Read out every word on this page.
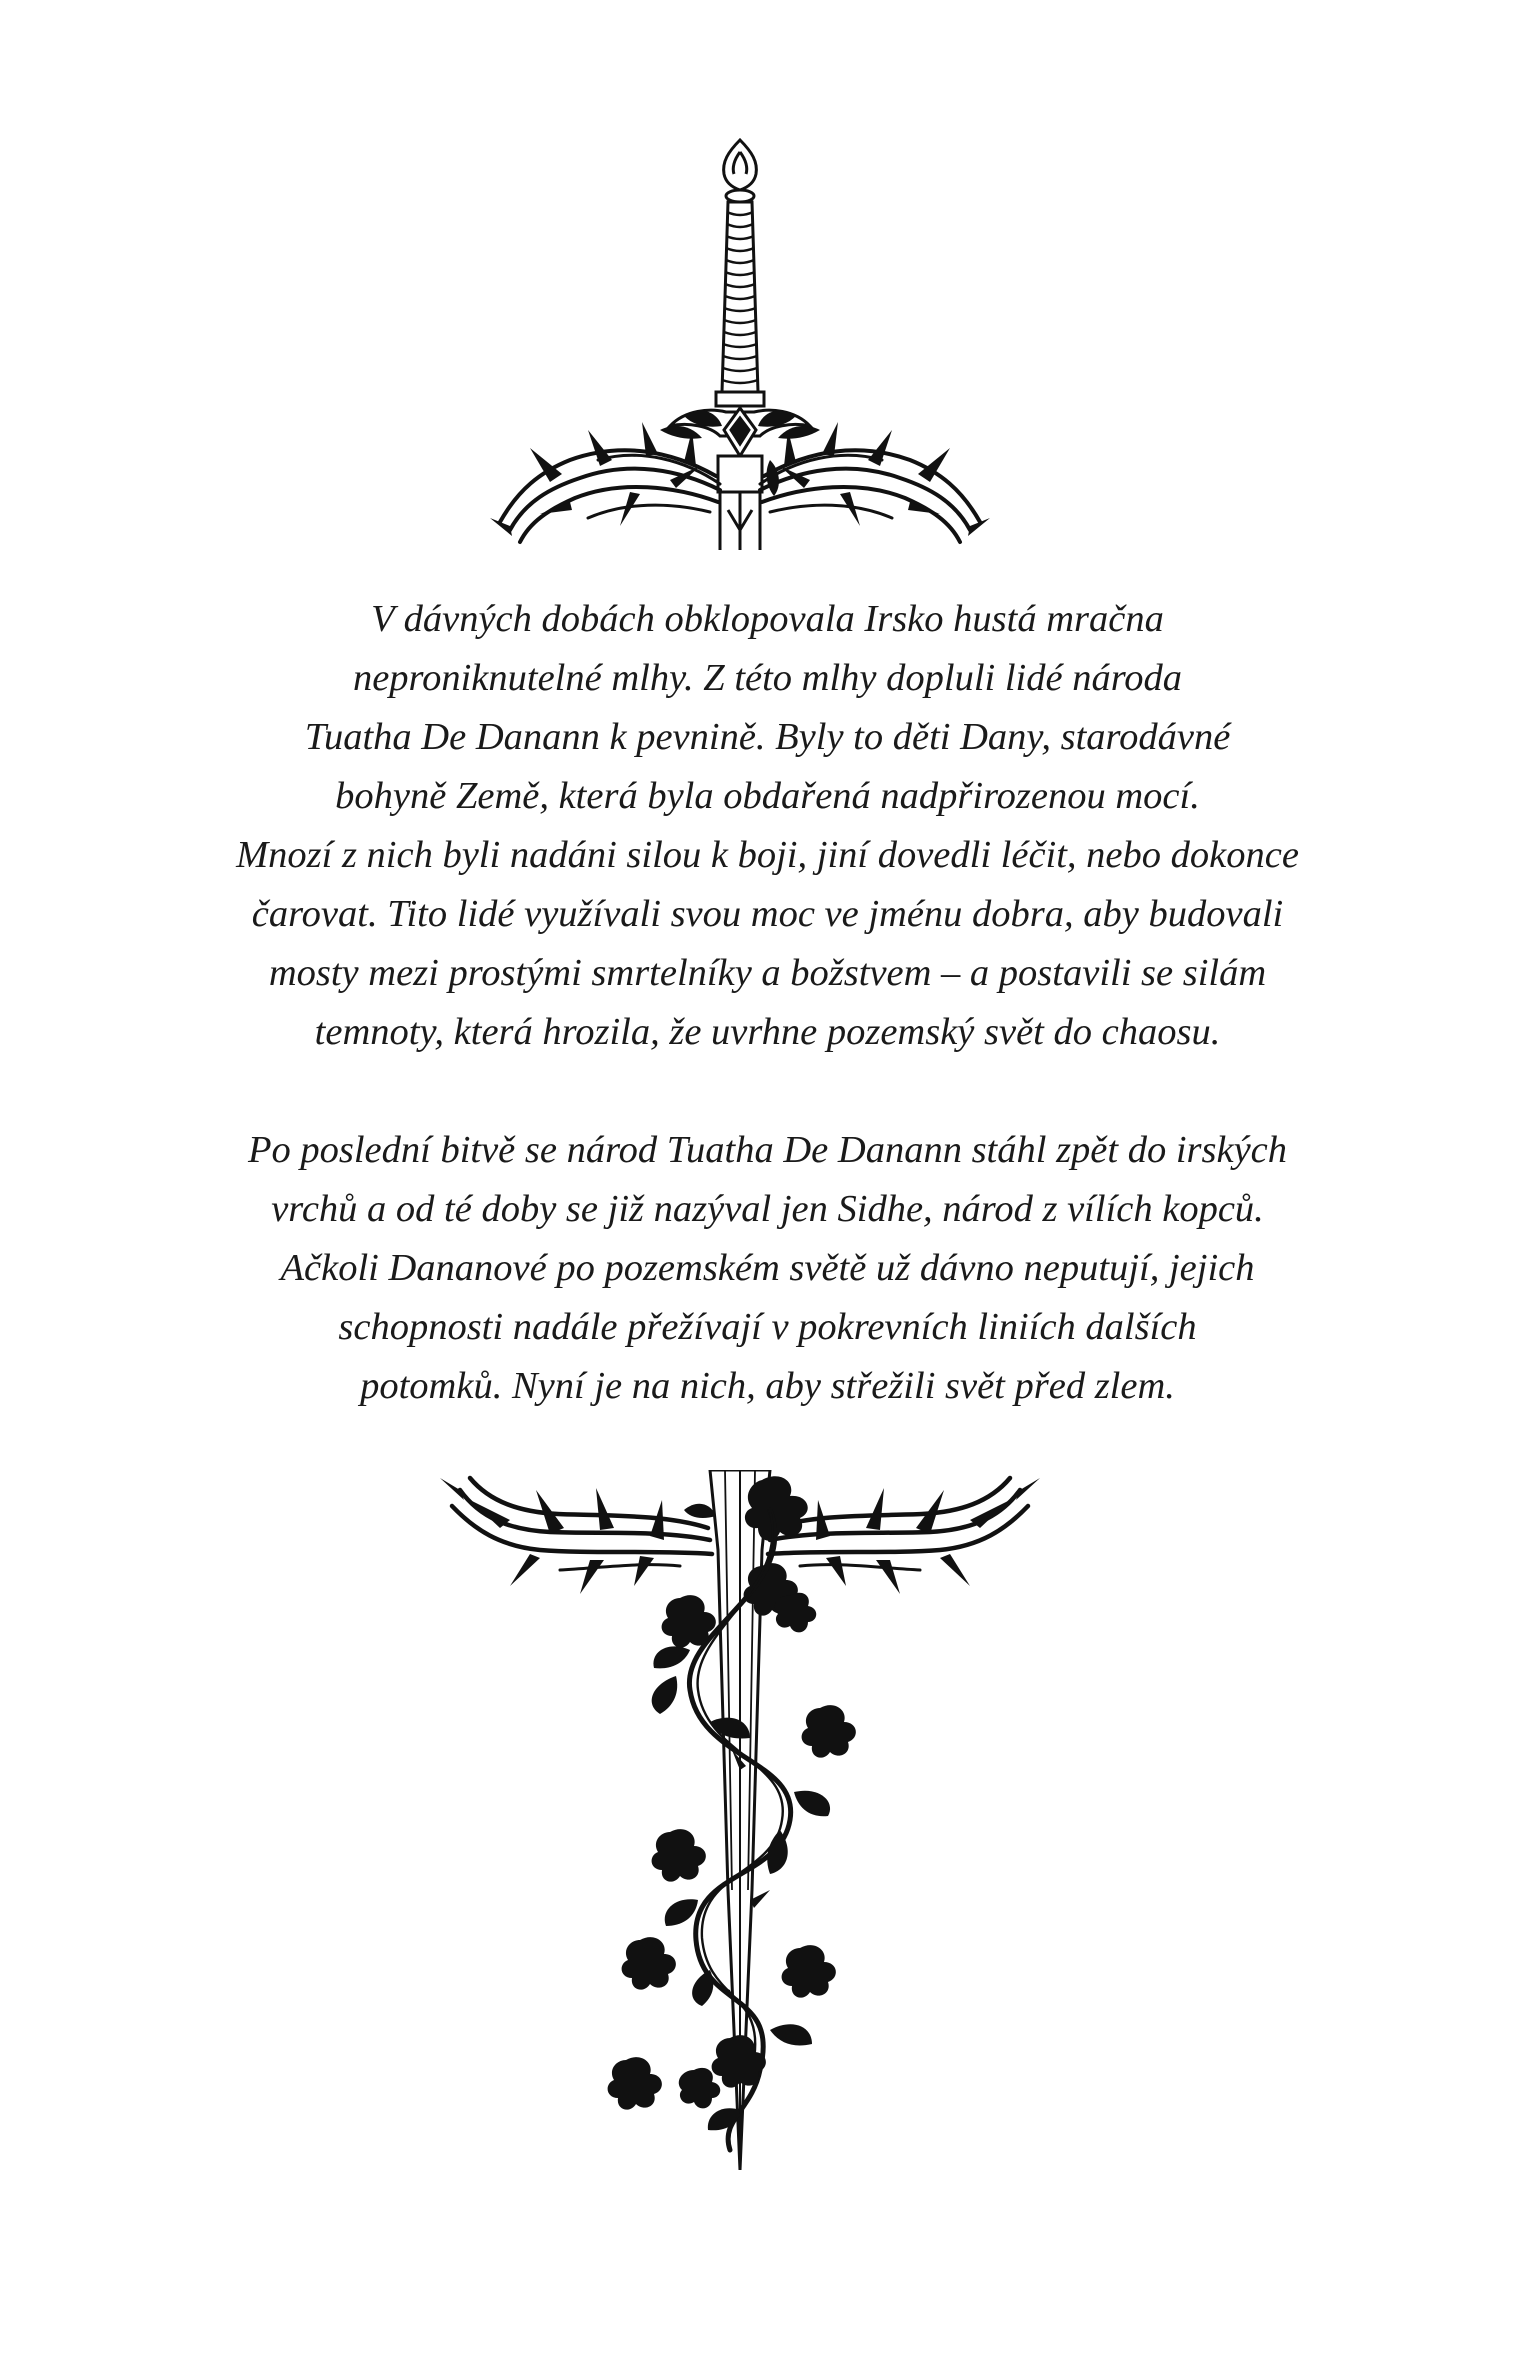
V dávných dobách obklopovala Irsko hustá mračna
neproniknutelné mlhy. Z této mlhy dopluli lidé národa
Tuatha De Danann k pevnině. Byly to děti Dany, starodávné
bohyně Země, která byla obdařená nadpřirozenou mocí.
Mnozí z nich byli nadáni silou k boji, jiní dovedli léčit, nebo dokonce
čarovat. Tito lidé využívali svou moc ve jménu dobra, aby budovali
mosty mezi prostými smrtelníky a božstvem – a postavili se silám
temnoty, která hrozila, že uvrhne pozemský svět do chaosu.

Po poslední bitvě se národ Tuatha De Danann stáhl zpět do irských
vrchů a od té doby se již nazýval jen Sidhe, národ z vílích kopců.
Ačkoli Dananové po pozemském světě už dávno neputují, jejich
schopnosti nadále přežívají v pokrevních liniích dalších
potomků. Nyní je na nich, aby střežili svět před zlem.
